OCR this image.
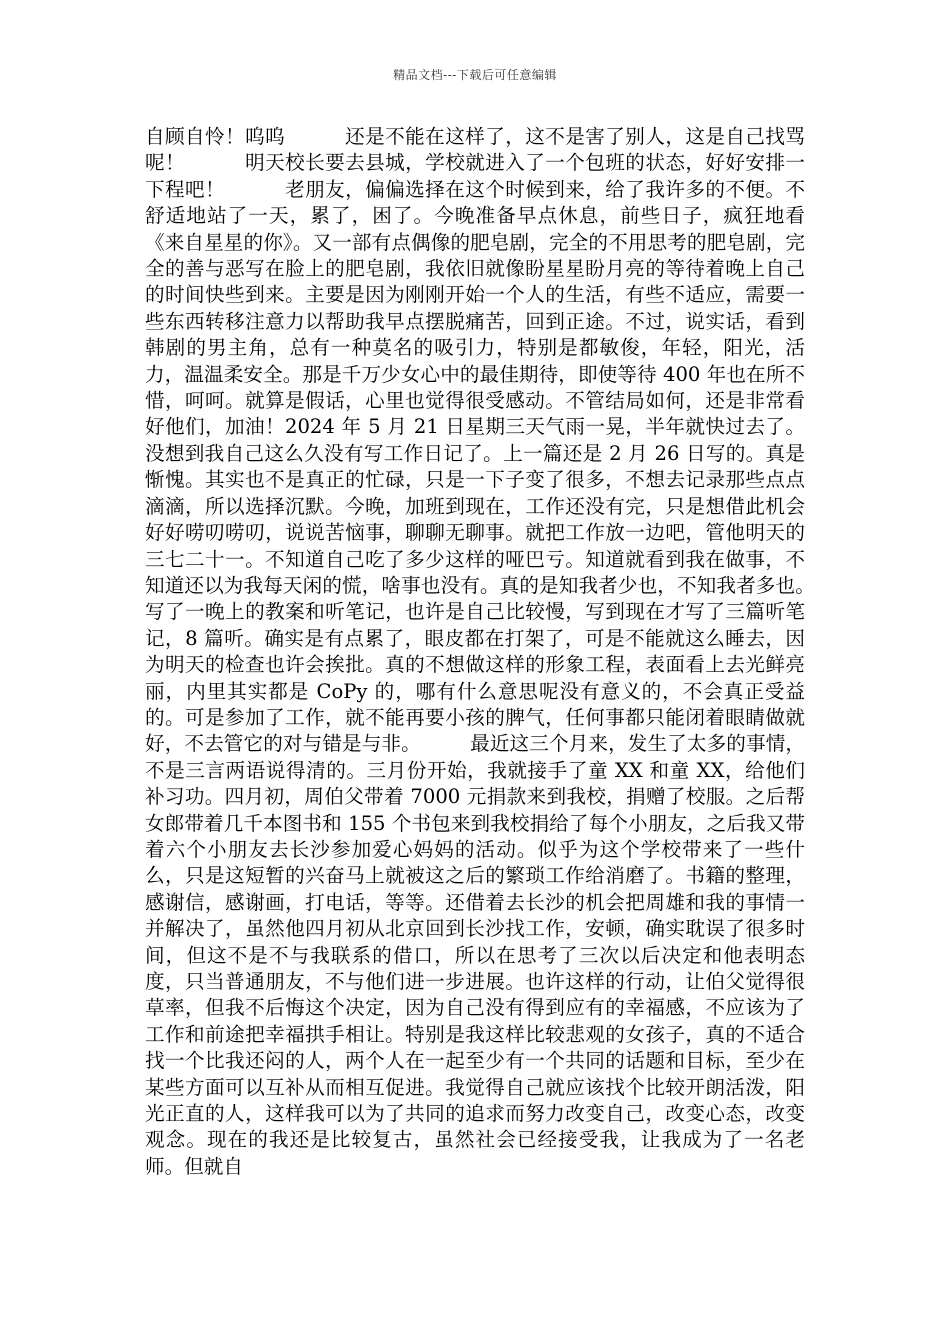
精品文档---下载后可任意编辑
自顾自怜！呜呜　　　还是不能在这样了，这不是害了别人，这是自己找骂呢！　　　明天校长要去县城，学校就进入了一个包班的状态，好好安排一下程吧！　　　老朋友，偏偏选择在这个时候到来，给了我许多的不便。不舒适地站了一天，累了，困了。今晚准备早点休息，前些日子，疯狂地看《来自星星的你》。又一部有点偶像的肥皂剧，完全的不用思考的肥皂剧，完全的善与恶写在脸上的肥皂剧，我依旧就像盼星星盼月亮的等待着晚上自己的时间快些到来。主要是因为刚刚开始一个人的生活，有些不适应，需要一些东西转移注意力以帮助我早点摆脱痛苦，回到正途。不过，说实话，看到韩剧的男主角，总有一种莫名的吸引力，特别是都敏俊，年轻，阳光，活力，温温柔安全。那是千万少女心中的最佳期待，即使等待 400 年也在所不惜，呵呵。就算是假话，心里也觉得很受感动。不管结局如何，还是非常看好他们，加油！2024 年 5 月 21 日星期三天气雨一晃，半年就快过去了。没想到我自己这么久没有写工作日记了。上一篇还是 2 月 26 日写的。真是惭愧。其实也不是真正的忙碌，只是一下子变了很多，不想去记录那些点点滴滴，所以选择沉默。今晚，加班到现在，工作还没有完，只是想借此机会好好唠叨唠叨，说说苦恼事，聊聊无聊事。就把工作放一边吧，管他明天的三七二十一。不知道自己吃了多少这样的哑巴亏。知道就看到我在做事，不知道还以为我每天闲的慌，啥事也没有。真的是知我者少也，不知我者多也。　　　写了一晚上的教案和听笔记，也许是自己比较慢，写到现在才写了三篇听笔记，8 篇听。确实是有点累了，眼皮都在打架了，可是不能就这么睡去，因为明天的检查也许会挨批。真的不想做这样的形象工程，表面看上去光鲜亮丽，内里其实都是 CoPy 的，哪有什么意思呢没有意义的，不会真正受益的。可是参加了工作，就不能再要小孩的脾气，任何事都只能闭着眼睛做就好，不去管它的对与错是与非。　　　最近这三个月来，发生了太多的事情，不是三言两语说得清的。三月份开始，我就接手了童 XX 和童 XX，给他们补习功。四月初，周伯父带着 7000 元捐款来到我校，捐赠了校服。之后帮女郎带着几千本图书和 155 个书包来到我校捐给了每个小朋友，之后我又带着六个小朋友去长沙参加爱心妈妈的活动。似乎为这个学校带来了一些什么，只是这短暂的兴奋马上就被这之后的繁琐工作给消磨了。书籍的整理，感谢信，感谢画，打电话，等等。还借着去长沙的机会把周雄和我的事情一并解决了，虽然他四月初从北京回到长沙找工作，安顿，确实耽误了很多时间，但这不是不与我联系的借口，所以在思考了三次以后决定和他表明态度，只当普通朋友，不与他们进一步进展。也许这样的行动，让伯父觉得很草率，但我不后悔这个决定，因为自己没有得到应有的幸福感，不应该为了工作和前途把幸福拱手相让。特别是我这样比较悲观的女孩子，真的不适合找一个比我还闷的人，两个人在一起至少有一个共同的话题和目标，至少在某些方面可以互补从而相互促进。我觉得自己就应该找个比较开朗活泼，阳光正直的人，这样我可以为了共同的追求而努力改变自己，改变心态，改变观念。现在的我还是比较复古，虽然社会已经接受我，让我成为了一名老师。但就自
